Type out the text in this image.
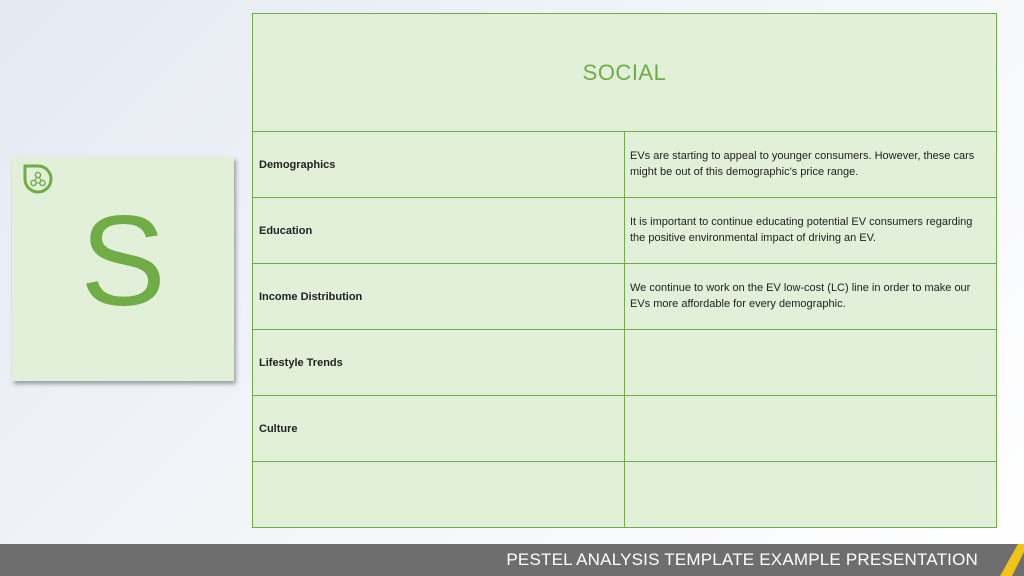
S
SOCIAL	
Demographics	EVs are starting to appeal to younger consumers. However, these cars might be out of this demographic's price range.
Education	It is important to continue educating potential EV consumers regarding the positive environmental impact of driving an EV.
Income Distribution	We continue to work on the EV low-cost (LC) line in order to make our EVs more affordable for every demographic.
Lifestyle Trends	
Culture	

PESTEL ANALYSIS TEMPLATE EXAMPLE PRESENTATION
